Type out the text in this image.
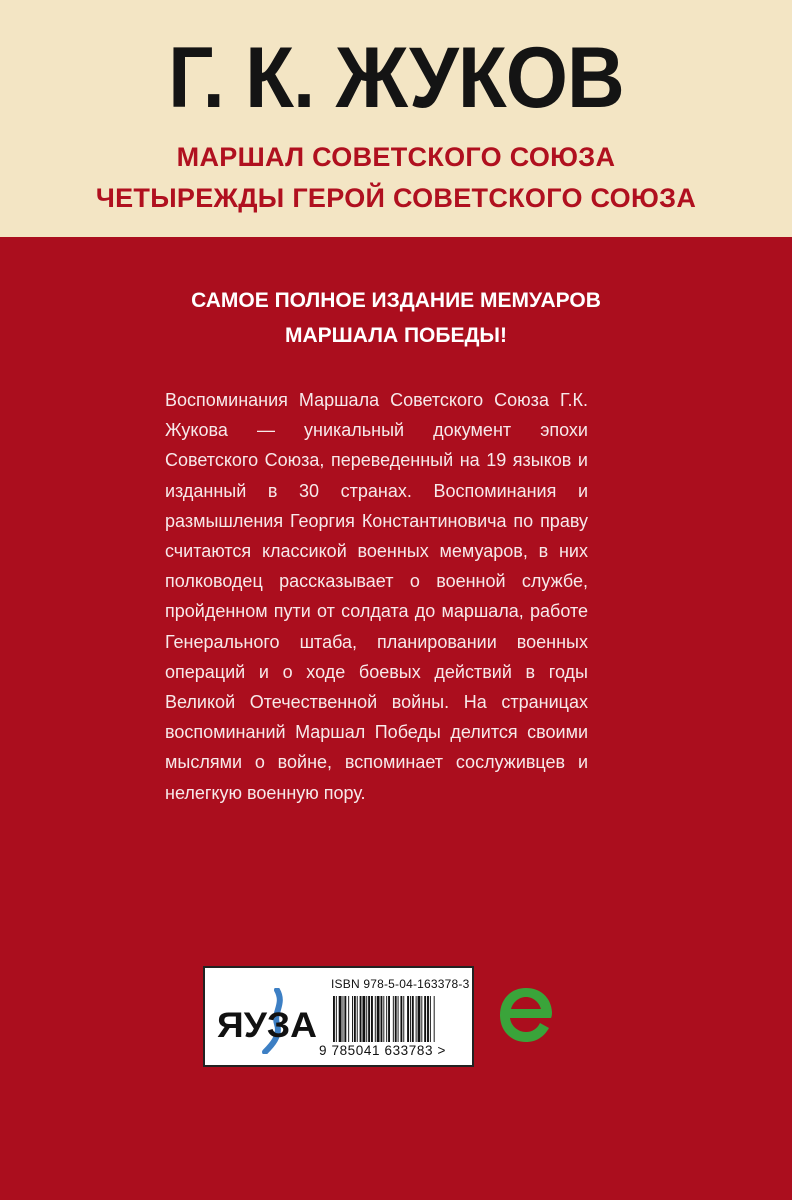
Г. К. ЖУКОВ
МАРШАЛ СОВЕТСКОГО СОЮЗА
ЧЕТЫРЕЖДЫ ГЕРОЙ СОВЕТСКОГО СОЮЗА
САМОЕ ПОЛНОЕ ИЗДАНИЕ МЕМУАРОВ
МАРШАЛА ПОБЕДЫ!

Воспоминания Маршала Советского Союза Г.К. Жукова — уникальный документ эпохи Советского Союза, переведенный на 19 языков и изданный в 30 странах. Воспоминания и размышления Георгия Константиновича по праву считаются классикой военных мемуаров, в них полководец рассказывает о военной службе, пройденном пути от солдата до маршала, работе Генерального штаба, планировании военных операций и о ходе боевых действий в годы Великой Отечественной войны. На страницах воспоминаний Маршал Победы делится своими мыслями о войне, вспоминает сослуживцев и нелегкую военную пору.

ЯУЗА
ISBN 978-5-04-163378-3
9 785041 633783 >
